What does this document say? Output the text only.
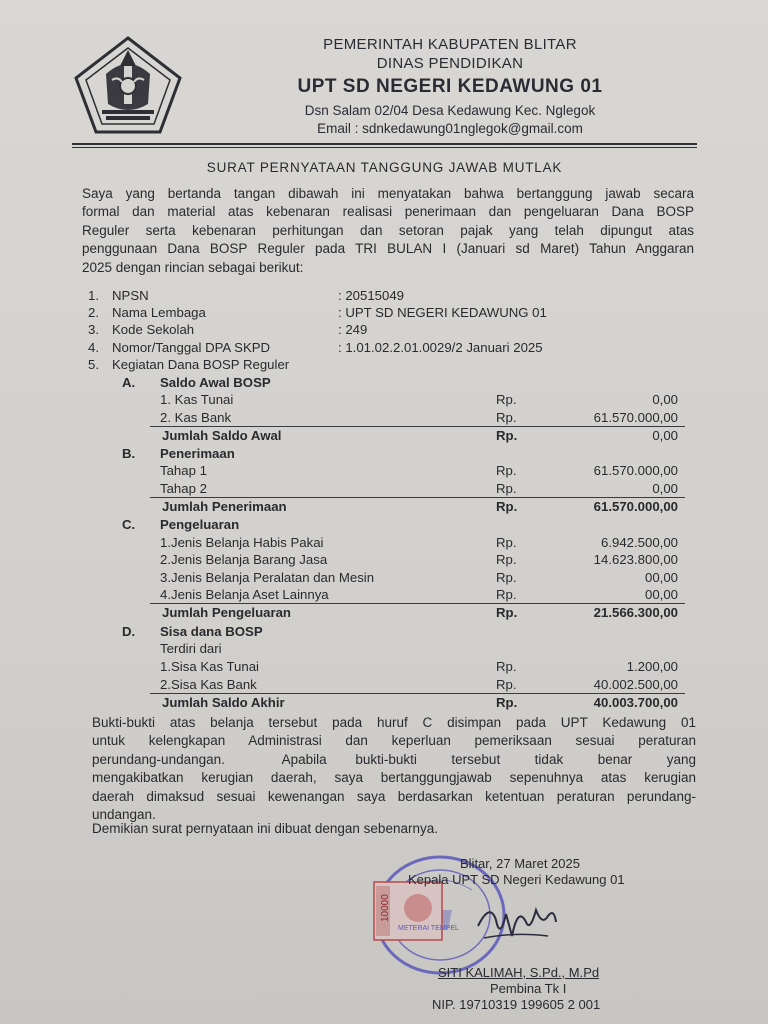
PEMERINTAH KABUPATEN BLITAR
DINAS PENDIDIKAN
UPT SD NEGERI KEDAWUNG 01
Dsn Salam 02/04 Desa Kedawung Kec. Nglegok
Email : sdnkedawung01nglegok@gmail.com
SURAT PERNYATAAN TANGGUNG JAWAB MUTLAK
Saya yang bertanda tangan dibawah ini menyatakan bahwa bertanggung jawab secara
formal dan material atas kebenaran realisasi penerimaan dan pengeluaran Dana BOSP
Reguler serta kebenaran perhitungan dan setoran pajak yang telah dipungut atas
penggunaan Dana BOSP Reguler pada TRI BULAN I (Januari sd Maret) Tahun Anggaran
2025 dengan rincian sebagai berikut:
1. NPSN	: 20515049
2. Nama Lembaga	: UPT SD NEGERI KEDAWUNG 01
3. Kode Sekolah	: 249
4. Nomor/Tanggal DPA SKPD	: 1.01.02.2.01.0029/2 Januari 2025
5. Kegiatan Dana BOSP Reguler
A. Saldo Awal BOSP
1. Kas Tunai	Rp.	0,00
2. Kas Bank	Rp.	61.570.000,00
Jumlah Saldo Awal	Rp.	0,00
B. Penerimaan
Tahap 1	Rp.	61.570.000,00
Tahap 2	Rp.	0,00
Jumlah Penerimaan	Rp.	61.570.000,00
C. Pengeluaran
1.Jenis Belanja Habis Pakai	Rp.	6.942.500,00
2.Jenis Belanja Barang Jasa	Rp.	14.623.800,00
3.Jenis Belanja Peralatan dan Mesin	Rp.	00,00
4.Jenis Belanja Aset Lainnya	Rp.	00,00
Jumlah Pengeluaran	Rp.	21.566.300,00
D. Sisa dana BOSP
Terdiri dari
1.Sisa Kas Tunai	Rp.	1.200,00
2.Sisa Kas Bank	Rp.	40.002.500,00
Jumlah Saldo Akhir	Rp.	40.003.700,00
Bukti-bukti atas belanja tersebut pada huruf C disimpan pada UPT Kedawung 01
untuk kelengkapan Administrasi dan keperluan pemeriksaan sesuai peraturan
perundang-undangan.          Apabila     bukti-bukti      tersebut      tidak      benar      yang
mengakibatkan kerugian daerah, saya bertanggungjawab sepenuhnya atas kerugian
daerah dimaksud sesuai kewenangan saya berdasarkan ketentuan peraturan perundang-
undangan.
Demikian surat pernyataan ini dibuat dengan sebenarnya.
10000
METERAI TEMPEL
Blitar, 27 Maret 2025
Kepala UPT SD Negeri Kedawung 01
SITI KALIMAH, S.Pd., M.Pd
Pembina Tk I
NIP. 19710319 199605 2 001
